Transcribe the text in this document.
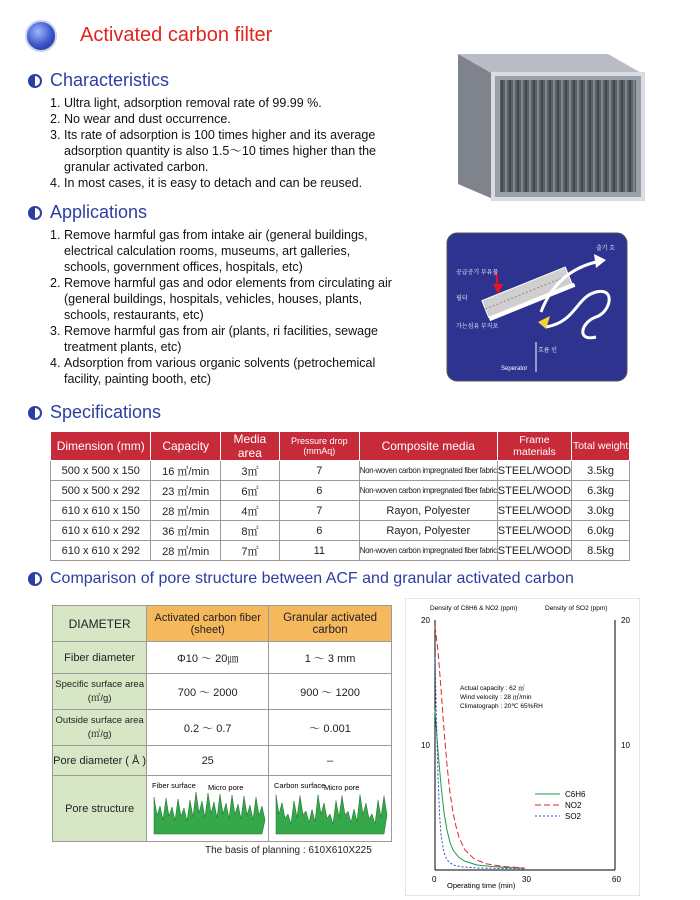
Activated carbon filter
Characteristics
1. Ultra light, adsorption removal rate of 99.99 %.
2. No wear and dust occurrence.
3. Its rate of adsorption is 100 times higher and its average
adsorption quantity is also 1.5～10 times higher than the
granular activated carbon.
4. In most cases, it is easy to detach and can be reused.
Applications
1. Remove harmful gas from intake air (general buildings,
electrical calculation rooms, museums, art galleries,
schools, government offices, hospitals, etc)
2. Remove harmful gas and odor elements from circulating air
(general buildings, hospitals, vehicles, houses, plants,
schools, restaurants, etc)
3. Remove harmful gas from air (plants, ri facilities, sewage
treatment plants, etc)
4. Adsorption from various organic solvents (petrochemical
facility, painting booth, etc)
공급공기 부유물
필터
가는섬유 부직포
출기 흐
흐름 인
Seperator
Specifications
Dimension (mm)	Capacity	Media area	Pressure drop (mmAq)	Composite media	Frame materials	Total weight
500 x 500 x 150	16 ㎥/min	3㎡	7	Non-woven carbon impregnated fiber fabric	STEEL/WOOD	3.5kg
500 x 500 x 292	23 ㎥/min	6㎡	6	Non-woven carbon impregnated fiber fabric	STEEL/WOOD	6.3kg
610 x 610 x 150	28 ㎥/min	4㎡	7	Rayon, Polyester	STEEL/WOOD	3.0kg
610 x 610 x 292	36 ㎥/min	8㎡	6	Rayon, Polyester	STEEL/WOOD	6.0kg
610 x 610 x 292	28 ㎥/min	7㎡	11	Non-woven carbon impregnated fiber fabric	STEEL/WOOD	8.5kg
Comparison of pore structure between ACF and granular activated carbon
DIAMETER	Activated carbon fiber (sheet)	Granular activated carbon

Fiber diameter	Φ10 ～ 20㎛	1 ～ 3 mm

Specific surface area
(㎡/g)	700 ～ 2000	900 ～ 1200

Outside surface area
(㎡/g)	0.2 ～ 0.7	～ 0.001

Pore diameter ( Å )	25	–

Pore structure	Fiber surface Micro pore	Carbon surface
Micro pore
The basis of planning : 610X610X225
Density of C6H6 & NO2 (ppm)	Density of SO2 (ppm)
Operating time (min)
0	30	60
10
20
10
20
Actual capacity : 62 ㎡
Wind velocity : 28 ㎥/min
Climatograph : 20℃ 65%RH
C6H6
NO2
SO2
